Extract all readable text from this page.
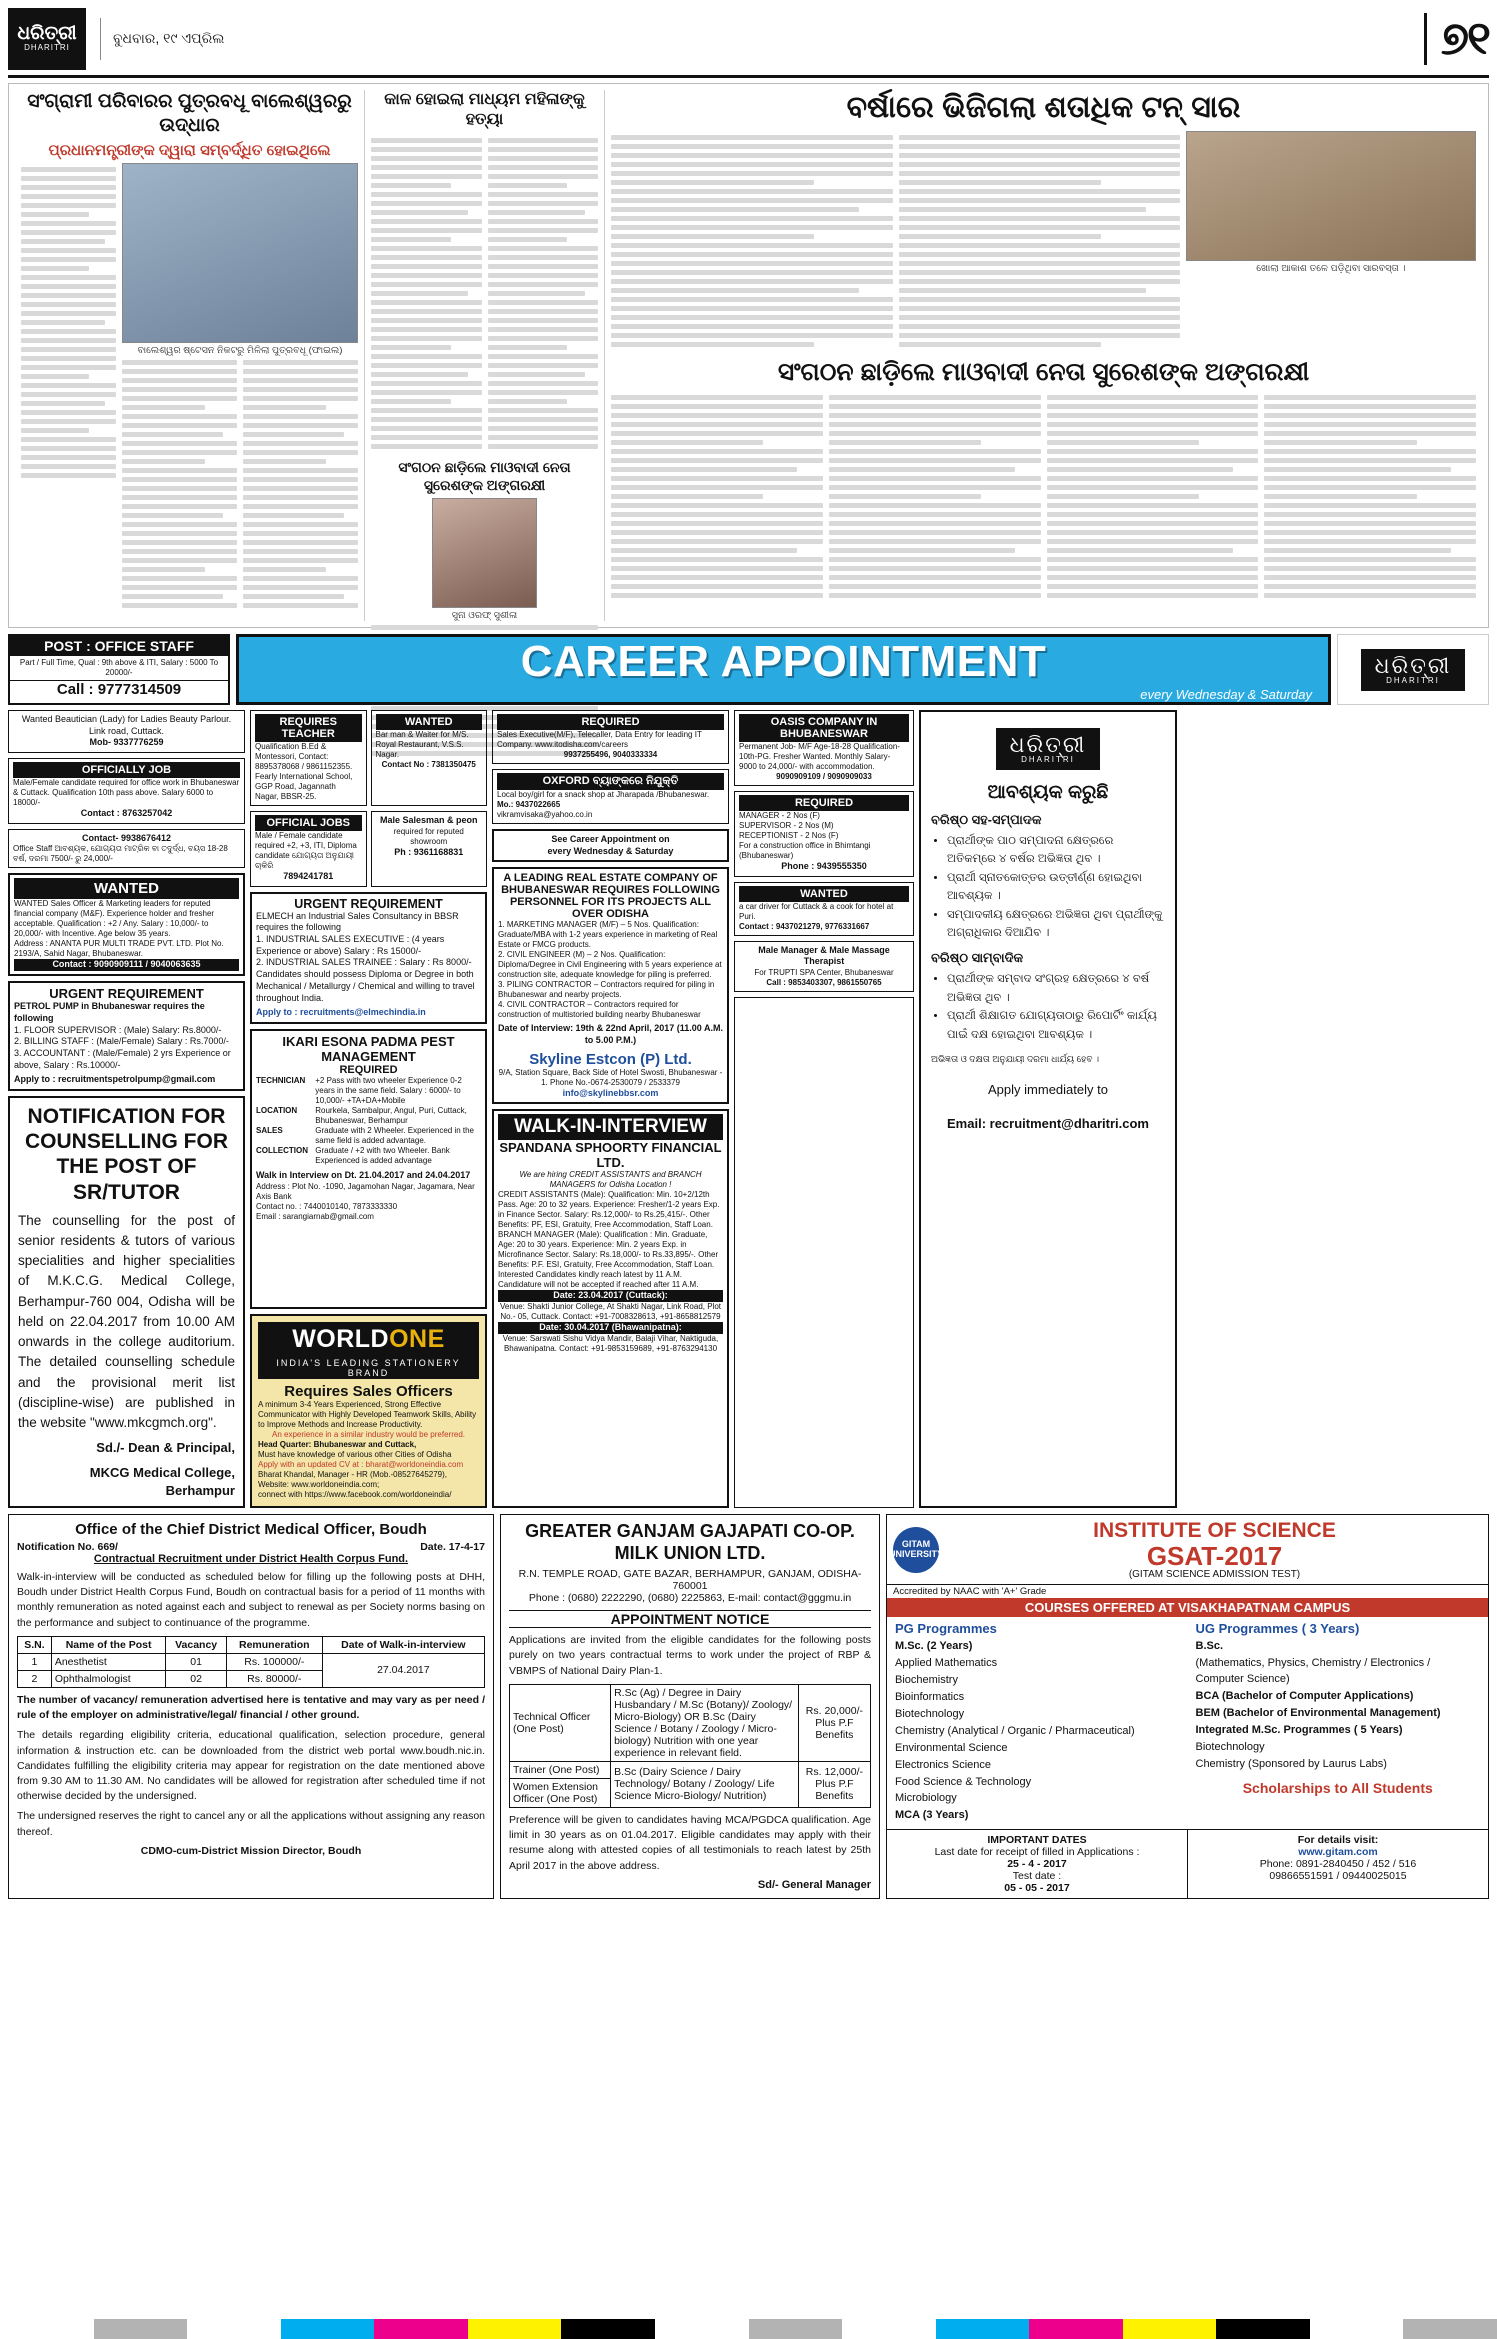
ଧରିତ୍ରୀ
DHARITRI
ବୁଧବାର, ୧୯ ଏପ୍ରିଲ	୭୧
ସଂଗ୍ରାମୀ ପରିବାରର ପୁତ୍ରବଧୂ ବାଲେଶ୍ୱରରୁ ଉଦ୍ଧାର
ପ୍ରଧାନମନ୍ତ୍ରୀଙ୍କ ଦ୍ୱାରା ସମ୍ବର୍ଦ୍ଧିତ ହୋଇଥିଲେ
ବାଲେଶ୍ୱର ଷ୍ଟେସନ ନିକଟରୁ ମିଳିଲା ପୁତ୍ରବଧୂ (ଫାଇଲ)
କାଳ ହୋଇଲା ମାଧ୍ୟମ ମହିଳାଙ୍କୁ ହତ୍ୟା
ସଂଗଠନ ଛାଡ଼ିଲେ ମାଓବାଦୀ ନେତା ସୁରେଶଙ୍କ ଅଙ୍ଗରକ୍ଷୀ
ସୁନା ଓରଫ୍ ସୁଶୀଳା
ବର୍ଷାରେ ଭିଜିଗଲା ଶତାଧିକ ଟନ୍ ସାର
ଖୋଲା ଆକାଶ ତଳେ ପଡ଼ିଥିବା ସାରବସ୍ତା ।
ସଂଗଠନ ଛାଡ଼ିଲେ ମାଓବାଦୀ ନେତା ସୁରେଶଙ୍କ ଅଙ୍ଗରକ୍ଷୀ
POST : OFFICE STAFF
Part / Full Time, Qual : 9th above & ITI, Salary : 5000 To 20000/-
Call : 9777314509
CAREER APPOINTMENT
every Wednesday & Saturday
ଧରିତ୍ରୀ
DHARITRI
Wanted Beautician (Lady) for Ladies Beauty Parlour. Link road, Cuttack.
Mob- 9337776259
OFFICIALLY JOB
Male/Female candidate required for office work in Bhubaneswar & Cuttack. Qualification 10th pass above. Salary 6000 to 18000/-
Contact : 8763257042
Contact- 9938676412
Office Staff ଆବଶ୍ୟକ, ଯୋଗ୍ୟତା ମାଟ୍ରିକ ବା ତଦୁର୍ଦ୍ଧ, ବୟସ 18-28 ବର୍ଷ, ଦରମା 7500/- ରୁ 24,000/-
WANTED
WANTED Sales Officer & Marketing leaders for reputed financial company (M&F). Experience holder and fresher acceptable. Qualification : +2 / Any. Salary : 10,000/- to 20,000/- with Incentive. Age below 35 years.
Address : ANANTA PUR MULTI TRADE PVT. LTD. Plot No. 2193/A, Sahid Nagar, Bhubaneswar.
Contact : 9090909111 / 9040063635
URGENT REQUIREMENT
PETROL PUMP in Bhubaneswar requires the following
1. FLOOR SUPERVISOR : (Male) Salary: Rs.8000/-
2. BILLING STAFF : (Male/Female) Salary : Rs.7000/-
3. ACCOUNTANT : (Male/Female) 2 yrs Experience or above, Salary : Rs.10000/-
Apply to : recruitmentspetrolpump@gmail.com
NOTIFICATION FOR COUNSELLING FOR THE POST OF SR/TUTOR

The counselling for the post of senior residents & tutors of various specialities and higher specialities of M.K.C.G. Medical College, Berhampur-760 004, Odisha will be held on 22.04.2017 from 10.00 AM onwards in the college auditorium. The detailed counselling schedule and the provisional merit list (discipline-wise) are published in the website "www.mkcgmch.org".

Sd./- Dean & Principal,
MKCG Medical College, Berhampur
REQUIRES TEACHER
Qualification B.Ed & Montessori, Contact: 8895378068 / 9861152355. Fearly International School, GGP Road, Jagannath Nagar, BBSR-25.
WANTED
Bar man & Waiter for M/S. Royal Restaurant, V.S.S. Nagar.
Contact No : 7381350475
OFFICIAL JOBS
Male / Female candidate required +2, +3, ITI, Diploma candidate ଯୋଗ୍ୟତା ଅନୁଯାୟୀ ଚାକିରି
7894241781
Male Salesman & peon
required for reputed showroom
Ph : 9361168831
URGENT REQUIREMENT
ELMECH an Industrial Sales Consultancy in BBSR requires the following
1. INDUSTRIAL SALES EXECUTIVE : (4 years Experience or above) Salary : Rs 15000/-
2. INDUSTRIAL SALES TRAINEE : Salary : Rs 8000/- Candidates should possess Diploma or Degree in both Mechanical / Metallurgy / Chemical and willing to travel throughout India.
Apply to : recruitments@elmechindia.in
IKARI ESONA PADMA PEST MANAGEMENT
REQUIRED
TECHNICIAN	+2 Pass with two wheeler Experience 0-2 years in the same field. Salary : 6000/- to 10,000/- +TA+DA+Mobile
LOCATION	Rourkela, Sambalpur, Angul, Puri, Cuttack, Bhubaneswar, Berhampur
SALES	Graduate with 2 Wheeler. Experienced in the same field is added advantage.
COLLECTION Graduate / +2 with two Wheeler. Bank Experienced is added advantage
Walk in Interview on Dt. 21.04.2017 and 24.04.2017
Address : Plot No. -1090, Jagamohan Nagar, Jagamara, Near Axis Bank
Contact no. : 7440010140, 7873333330
Email : sarangiarnab@gmail.com
WORLDONE
INDIA'S LEADING STATIONERY BRAND
Requires Sales Officers
A minimum 3-4 Years Experienced, Strong Effective Communicator with Highly Developed Teamwork Skills, Ability to Improve Methods and Increase Productivity.
An experience in a similar industry would be preferred.
Head Quarter: Bhubaneswar and Cuttack,
Must have knowledge of various other Cities of Odisha
Apply with an updated CV at : bharat@worldoneindia.com
Bharat Khandal, Manager - HR (Mob.-08527645279),
Website: www.worldoneindia.com;
connect with https://www.facebook.com/worldoneindia/
REQUIRED
Sales Executive(M/F), Telecaller, Data Entry for leading IT Company. www.itodisha.com/careers
9937255496, 9040333334
OXFORD ବ୍ୟାଙ୍କରେ ନିଯୁକ୍ତି
Local boy/girl for a snack shop at Jharapada /Bhubaneswar.
Mo.: 9437022665
vikramvisaka@yahoo.co.in
See Career Appointment on
every Wednesday & Saturday
A LEADING REAL ESTATE COMPANY OF BHUBANESWAR REQUIRES FOLLOWING PERSONNEL FOR ITS PROJECTS ALL OVER ODISHA
1. MARKETING MANAGER (M/F) – 5 Nos. Qualification: Graduate/MBA with 1-2 years experience in marketing of Real Estate or FMCG products.
2. CIVIL ENGINEER (M) – 2 Nos. Qualification: Diploma/Degree in Civil Engineering with 5 years experience at construction site, adequate knowledge for piling is preferred.
3. PILING CONTRACTOR – Contractors required for piling in Bhubaneswar and nearby projects.
4. CIVIL CONTRACTOR – Contractors required for construction of multistoried building nearby Bhubaneswar
Date of Interview: 19th & 22nd April, 2017 (11.00 A.M. to 5.00 P.M.)
Skyline Estcon (P) Ltd.
9/A, Station Square, Back Side of Hotel Swosti, Bhubaneswar - 1. Phone No.-0674-2530079 / 2533379
info@skylinebbsr.com
WALK-IN-INTERVIEW
SPANDANA SPHOORTY FINANCIAL LTD.
We are hiring CREDIT ASSISTANTS and BRANCH MANAGERS for Odisha Location !
CREDIT ASSISTANTS (Male): Qualification: Min. 10+2/12th Pass. Age: 20 to 32 years. Experience: Fresher/1-2 years Exp. in Finance Sector. Salary: Rs.12,000/- to Rs.25,415/-. Other Benefits: PF, ESI, Gratuity, Free Accommodation, Staff Loan.
BRANCH MANAGER (Male): Qualification : Min. Graduate, Age: 20 to 30 years. Experience: Min. 2 years Exp. in Microfinance Sector. Salary: Rs.18,000/- to Rs.33,895/-. Other Benefits: P.F. ESI, Gratuity, Free Accommodation, Staff Loan.
Interested Candidates kindly reach latest by 11 A.M. Candidature will not be accepted if reached after 11 A.M.
Date: 23.04.2017 (Cuttack):
Venue: Shakti Junior College, At Shakti Nagar, Link Road, Plot No.- 05, Cuttack. Contact: +91-7008328613, +91-8658812579
Date: 30.04.2017 (Bhawanipatna):
Venue: Sarswati Sishu Vidya Mandir, Balaji Vihar, Naktiguda, Bhawanipatna. Contact: +91-9853159689, +91-8763294130
OASIS COMPANY IN BHUBANESWAR
Permanent Job- M/F Age-18-28 Qualification-10th-PG. Fresher Wanted. Monthly Salary- 9000 to 24,000/- with accommodation.
9090909109 / 9090909033
REQUIRED
MANAGER - 2 Nos (F)
SUPERVISOR - 2 Nos (M)
RECEPTIONIST - 2 Nos (F)
For a construction office in Bhimtangi (Bhubaneswar)
Phone : 9439555350
WANTED
a car driver for Cuttack & a cook for hotel at Puri.
Contact : 9437021279, 9776331667
Male Manager & Male Massage Therapist
For TRUPTI SPA Center, Bhubaneswar
Call : 9853403307, 9861550765
ଧରିତ୍ରୀ
DHARITRI
ଆବଶ୍ୟକ କରୁଛି
ବରିଷ୍ଠ ସହ-ସମ୍ପାଦକ
• ପ୍ରାର୍ଥୀଙ୍କ ପାଠ ସମ୍ପାଦନା କ୍ଷେତ୍ରରେ ଅତିକମ୍‌ରେ ୪ ବର୍ଷର ଅଭିଜ୍ଞତା ଥିବ ।
• ପ୍ରାର୍ଥୀ ସ୍ନାତକୋତ୍ତର ଉତ୍ତୀର୍ଣ୍ଣ ହୋଇଥିବା ଆବଶ୍ୟକ ।
• ସମ୍ପାଦକୀୟ କ୍ଷେତ୍ରରେ ଅଭିଜ୍ଞତା ଥିବା ପ୍ରାର୍ଥୀଙ୍କୁ ଅଗ୍ରାଧିକାର ଦିଆଯିବ ।
ବରିଷ୍ଠ ସାମ୍ବାଦିକ
• ପ୍ରାର୍ଥୀଙ୍କ ସମ୍ବାଦ ସଂଗ୍ରହ କ୍ଷେତ୍ରରେ ୪ ବର୍ଷ ଅଭିଜ୍ଞତା ଥିବ ।
• ପ୍ରାର୍ଥୀ ଶିକ୍ଷାଗତ ଯୋଗ୍ୟତାଠାରୁ ରିପୋର୍ଟିଂ କାର୍ଯ୍ୟ ପାଇଁ ଦକ୍ଷ ହୋଇଥିବା ଆବଶ୍ୟକ ।
ଅଭିଜ୍ଞତା ଓ ଦକ୍ଷତା ଅନୁଯାୟୀ ଦରମା ଧାର୍ଯ୍ୟ ହେବ ।
Apply immediately to
Email: recruitment@dharitri.com
Office of the Chief District Medical Officer, Boudh
Notification No. 669/	Date. 17-4-17
Contractual Recruitment under District Health Corpus Fund.

Walk-in-interview will be conducted as scheduled below for filling up the following posts at DHH, Boudh under District Health Corpus Fund, Boudh on contractual basis for a period of 11 months with monthly remuneration as noted against each and subject to renewal as per Society norms basing on the performance and subject to continuance of the programme.

S.N.	Name of the Post	Vacancy	Remuneration	Date of Walk-in-interview
1	Anesthetist	01	Rs. 100000/-	27.04.2017
2	Ophthalmologist	02	Rs. 80000/-	

The number of vacancy/ remuneration advertised here is tentative and may vary as per need / rule of the employer on administrative/legal/ financial / other ground.

The details regarding eligibility criteria, educational qualification, selection procedure, general information & instruction etc. can be downloaded from the district web portal www.boudh.nic.in. Candidates fulfilling the eligibility criteria may appear for registration on the date mentioned above from 9.30 AM to 11.30 AM. No candidates will be allowed for registration after scheduled time if not otherwise decided by the undersigned.

The undersigned reserves the right to cancel any or all the applications without assigning any reason thereof.

CDMO-cum-District Mission Director, Boudh
GREATER GANJAM GAJAPATI CO-OP. MILK UNION LTD.
R.N. TEMPLE ROAD, GATE BAZAR, BERHAMPUR, GANJAM, ODISHA- 760001
Phone : (0680) 2222290, (0680) 2225863, E-mail: contact@gggmu.in
APPOINTMENT NOTICE

Applications are invited from the eligible candidates for the following posts purely on two years contractual terms to work under the project of RBP & VBMPS of National Dairy Plan-1.

Technical Officer (One Post)	R.Sc (Ag) / Degree in Dairy Husbandary / M.Sc (Botany)/ Zoology/ Micro-Biology) OR B.Sc (Dairy Science / Botany / Zoology / Micro-biology) Nutrition with one year experience in relevant field.	Rs. 20,000/- Plus P.F Benefits
Trainer (One Post)	B.Sc (Dairy Science / Dairy Technology/ Botany / Zoology/ Life Science Micro-Biology/ Nutrition)	Rs. 12,000/- Plus P.F Benefits
Women Extension Officer (One Post)		

Preference will be given to candidates having MCA/PGDCA qualification. Age limit in 30 years as on 01.04.2017. Eligible candidates may apply with their resume along with attested copies of all testimonials to reach latest by 25th April 2017 in the above address.

Sd/- General Manager
GITAM UNIVERSITY
INSTITUTE OF SCIENCE
GSAT-2017
(GITAM SCIENCE ADMISSION TEST)
Accredited by NAAC with 'A+' Grade
COURSES OFFERED AT VISAKHAPATNAM CAMPUS
PG Programmes

M.Sc. (2 Years)

Applied Mathematics

Biochemistry

Bioinformatics

Biotechnology

Chemistry (Analytical / Organic / Pharmaceutical)

Environmental Science

Electronics Science

Food Science & Technology

Microbiology

MCA (3 Years)

UG Programmes ( 3 Years)

B.Sc.

(Mathematics, Physics, Chemistry / Electronics / Computer Science)

BCA (Bachelor of Computer Applications)

BEM (Bachelor of Environmental Management)

Integrated M.Sc. Programmes ( 5 Years)

Biotechnology

Chemistry (Sponsored by Laurus Labs)

Scholarships to All Students
IMPORTANT DATES
Last date for receipt of filled in Applications :
25 - 4 - 2017
Test date :
05 - 05 - 2017
For details visit:
www.gitam.com
Phone: 0891-2840450 / 452 / 516
09866551591 / 09440025015
